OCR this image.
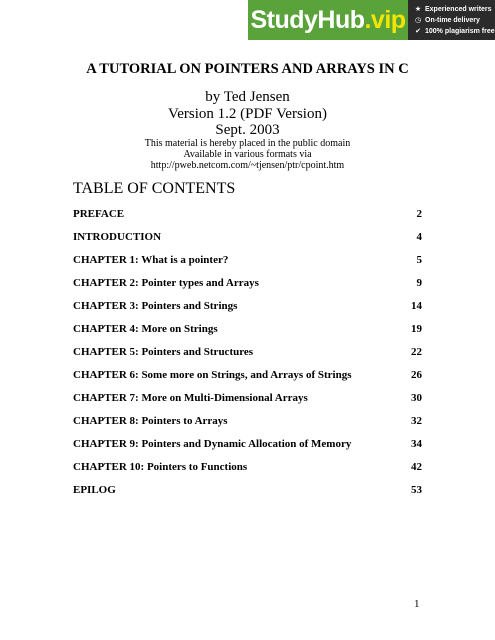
StudyHub .vip ★ Experienced writers
◷ On-time delivery
✔ 100% plagiarism free
A TUTORIAL ON POINTERS AND ARRAYS IN C
by Ted Jensen
Version 1.2 (PDF Version)
Sept. 2003
This material is hereby placed in the public domain
Available in various formats via
http://pweb.netcom.com/~tjensen/ptr/cpoint.htm
TABLE OF CONTENTS
PREFACE	2
INTRODUCTION	4
CHAPTER 1: What is a pointer?	5
CHAPTER 2: Pointer types and Arrays	9
CHAPTER 3: Pointers and Strings	14
CHAPTER 4: More on Strings	19
CHAPTER 5: Pointers and Structures	22
CHAPTER 6: Some more on Strings, and Arrays of Strings	26
CHAPTER 7: More on Multi-Dimensional Arrays	30
CHAPTER 8: Pointers to Arrays	32
CHAPTER 9: Pointers and Dynamic Allocation of Memory	34
CHAPTER 10: Pointers to Functions	42
EPILOG	53
1
